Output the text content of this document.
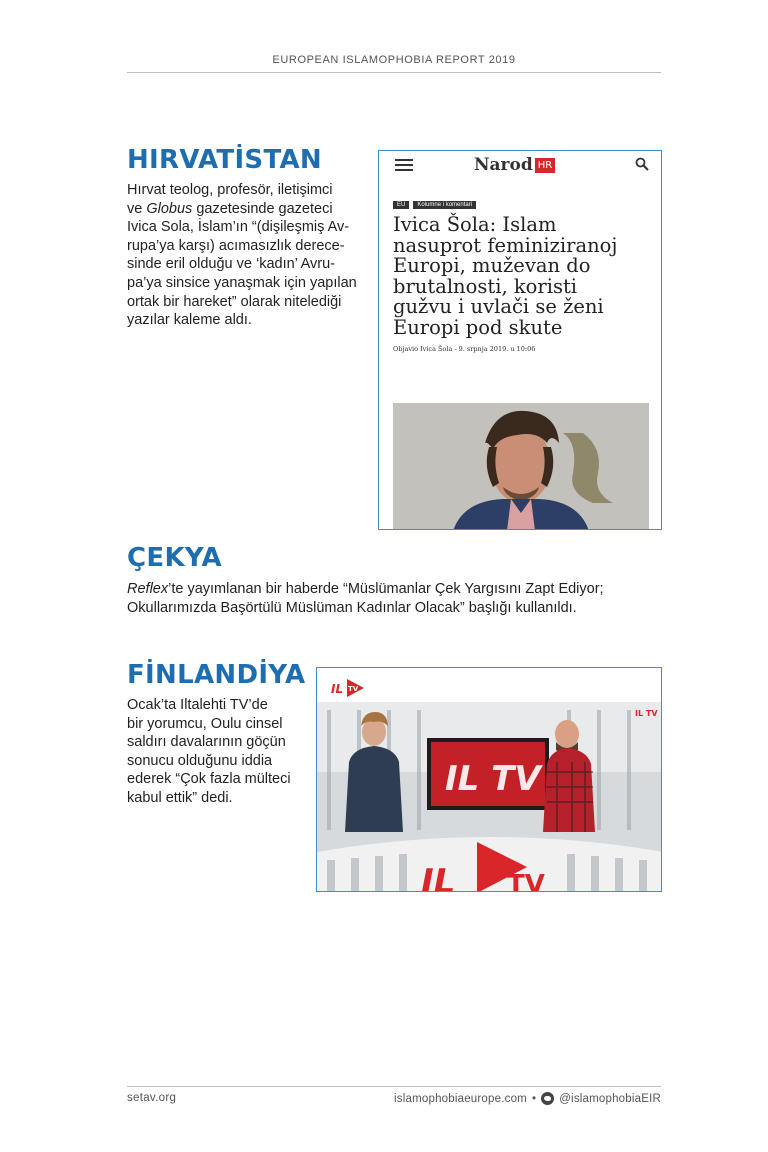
EUROPEAN ISLAMOPHOBIA REPORT 2019
HIRVATİSTAN
Hırvat teolog, profesör, iletişimci
ve Globus gazetesinde gazeteci
Ivica Sola, İslam’ın “(dişileşmiş Av-
rupa’ya karşı) acımasızlık derece-
sinde eril olduğu ve ‘kadın’ Avru-
pa’ya sinsice yanaşmak için yapılan
ortak bir hareket” olarak nitelediği
yazılar kaleme aldı.
Narod HR
EU	Kolumne i komentari
Ivica Šola: Islam
nasuprot feminiziranoj
Europi, muževan do
brutalnosti, koristi
gužvu i uvlači se ženi
Europi pod skute
Objavio Ivica Šola - 9. srpnja 2019. u 10:06
ÇEKYA
Reflex’te yayımlanan bir haberde “Müslümanlar Çek Yargısını Zapt Ediyor;
Okullarımızda Başörtülü Müslüman Kadınlar Olacak” başlığı kullanıldı.
FİNLANDİYA
Ocak’ta Iltalehti TV’de
bir yorumcu, Oulu cinsel
saldırı davalarının göçün
sonucu olduğunu iddia
ederek “Çok fazla mülteci
kabul ettik” dedi.
IL TV
IL TV
IL TV
IL TV
setav.org	islamophobiaeurope.com • @islamophobiaEIR
